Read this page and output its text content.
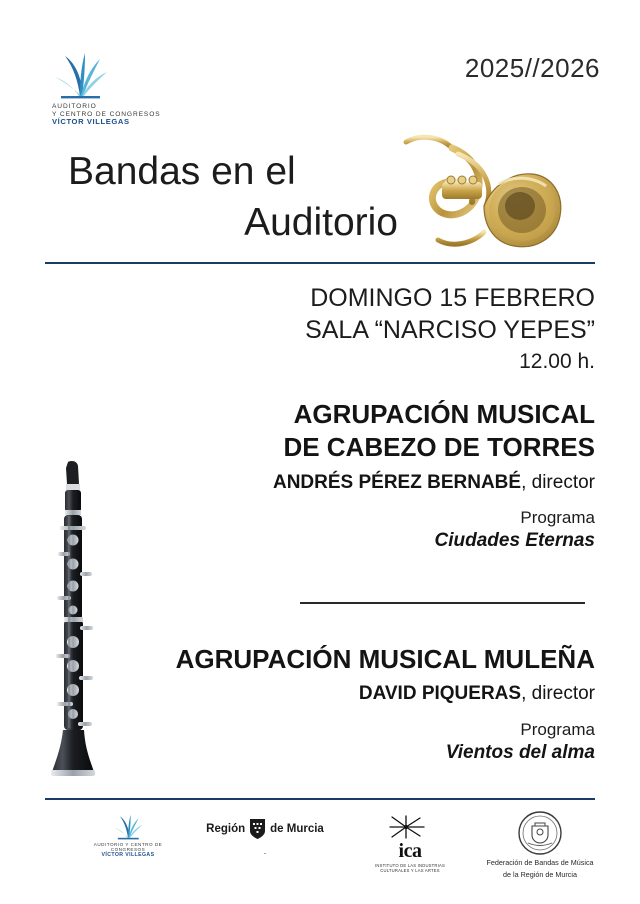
2025//2026
AUDITORIO
Y CENTRO DE CONGRESOS
VÍCTOR VILLEGAS
Bandas en el
Auditorio
DOMINGO 15 FEBRERO
SALA “NARCISO YEPES”
12.00 h.
AGRUPACIÓN MUSICAL
DE CABEZO DE TORRES
ANDRÉS PÉREZ BERNABÉ, director
Programa
Ciudades Eternas
AGRUPACIÓN MUSICAL MULEÑA
DAVID PIQUERAS, director
Programa
Vientos del alma
AUDITORIO Y CENTRO DE CONGRESOS
VÍCTOR VILLEGAS
Región de Murcia
.	ica
INSTITUTO DE LAS INDUSTRIAS CULTURALES Y LAS ARTES
Federación de Bandas de Música
de la Región de Murcia
